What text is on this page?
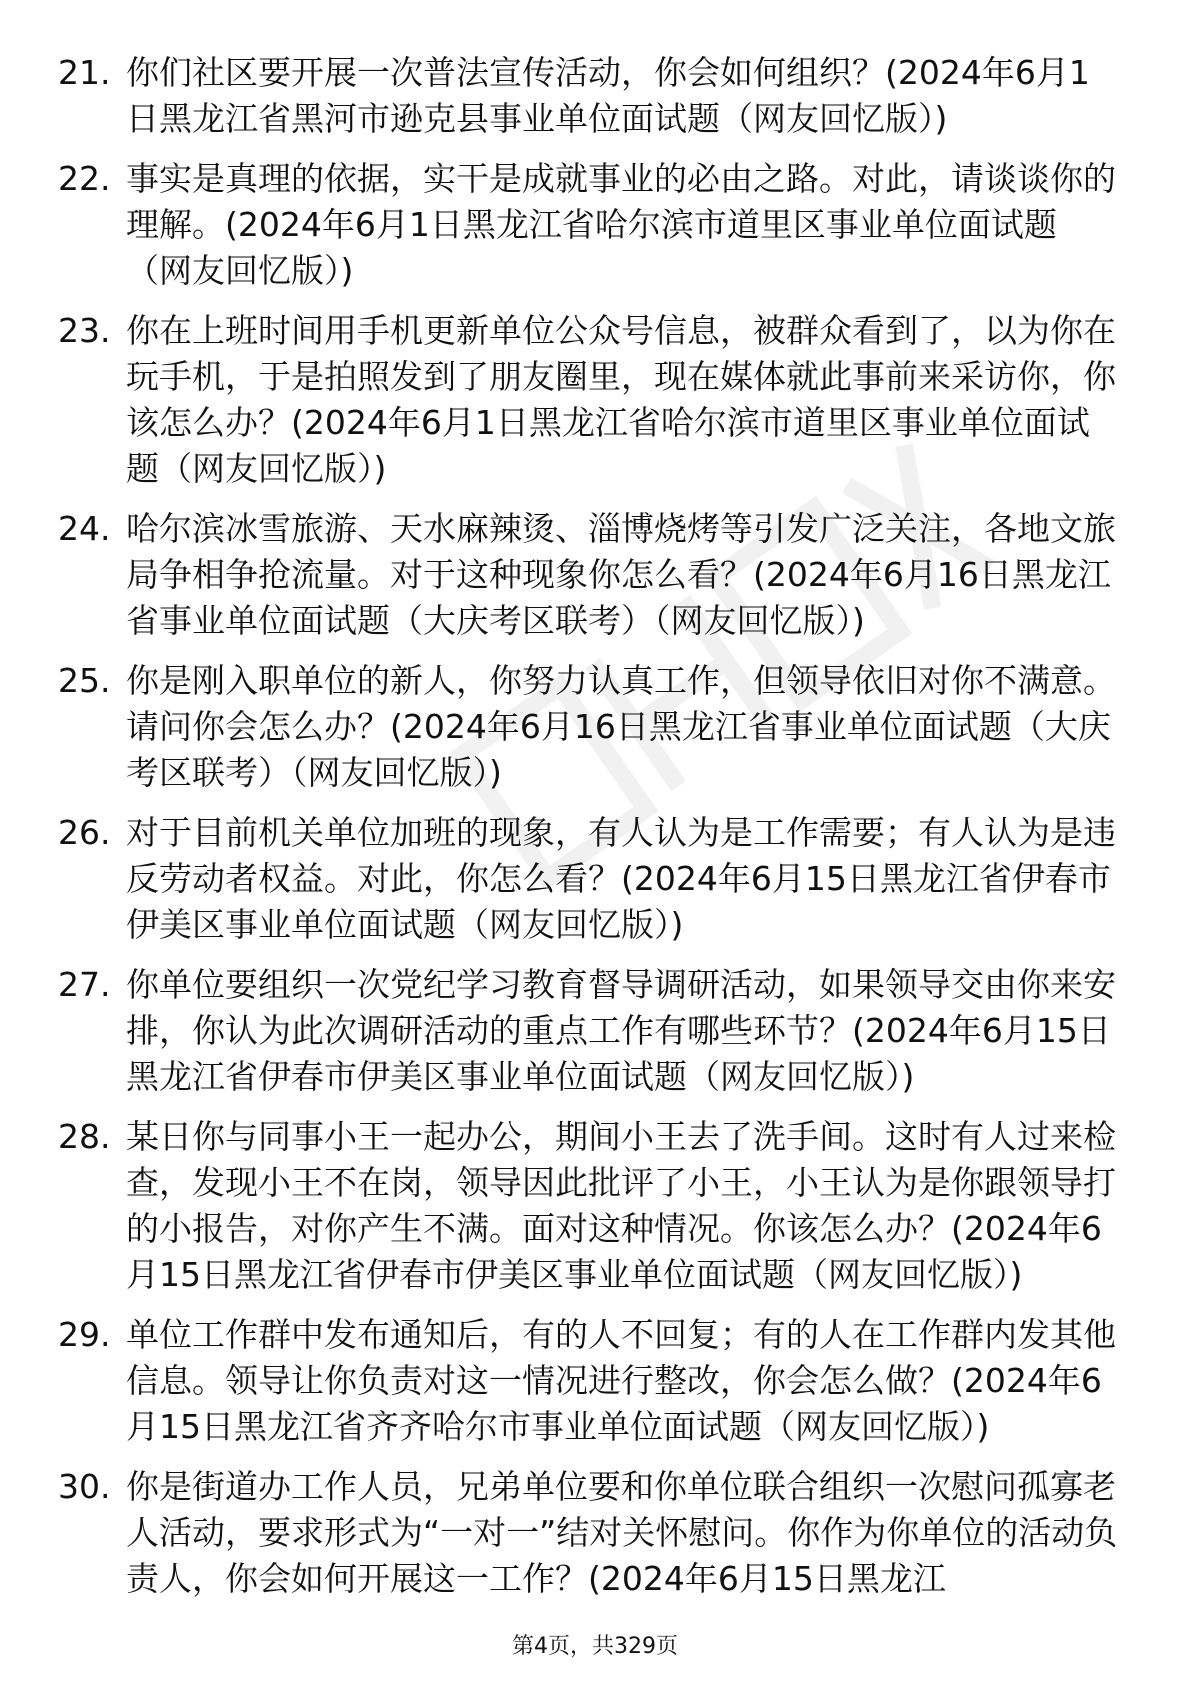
21. 你们社区要开展一次普法宣传活动，你会如何组织？(2024年6月1日黑龙江省黑河市逊克县事业单位面试题（网友回忆版）)
22. 事实是真理的依据，实干是成就事业的必由之路。对此，请谈谈你的理解。(2024年6月1日黑龙江省哈尔滨市道里区事业单位面试题（网友回忆版）)
23. 你在上班时间用手机更新单位公众号信息，被群众看到了，以为你在玩手机，于是拍照发到了朋友圈里，现在媒体就此事前来采访你，你该怎么办？(2024年6月1日黑龙江省哈尔滨市道里区事业单位面试题（网友回忆版）)
24. 哈尔滨冰雪旅游、天水麻辣烫、淄博烧烤等引发广泛关注，各地文旅局争相争抢流量。对于这种现象你怎么看？(2024年6月16日黑龙江省事业单位面试题（大庆考区联考）（网友回忆版）)
25. 你是刚入职单位的新人，你努力认真工作，但领导依旧对你不满意。请问你会怎么办？(2024年6月16日黑龙江省事业单位面试题（大庆考区联考）（网友回忆版）)
26. 对于目前机关单位加班的现象，有人认为是工作需要；有人认为是违反劳动者权益。对此，你怎么看？(2024年6月15日黑龙江省伊春市伊美区事业单位面试题（网友回忆版）)
27. 你单位要组织一次党纪学习教育督导调研活动，如果领导交由你来安排，你认为此次调研活动的重点工作有哪些环节？(2024年6月15日黑龙江省伊春市伊美区事业单位面试题（网友回忆版）)
28. 某日你与同事小王一起办公，期间小王去了洗手间。这时有人过来检查，发现小王不在岗，领导因此批评了小王，小王认为是你跟领导打的小报告，对你产生不满。面对这种情况。你该怎么办？(2024年6月15日黑龙江省伊春市伊美区事业单位面试题（网友回忆版）)
29. 单位工作群中发布通知后，有的人不回复；有的人在工作群内发其他信息。领导让你负责对这一情况进行整改，你会怎么做？(2024年6月15日黑龙江省齐齐哈尔市事业单位面试题（网友回忆版）)
30. 你是街道办工作人员，兄弟单位要和你单位联合组织一次慰问孤寡老人活动，要求形式为“一对一”结对关怀慰问。你作为你单位的活动负责人，你会如何开展这一工作？(2024年6月15日黑龙江
第4页，共329页
